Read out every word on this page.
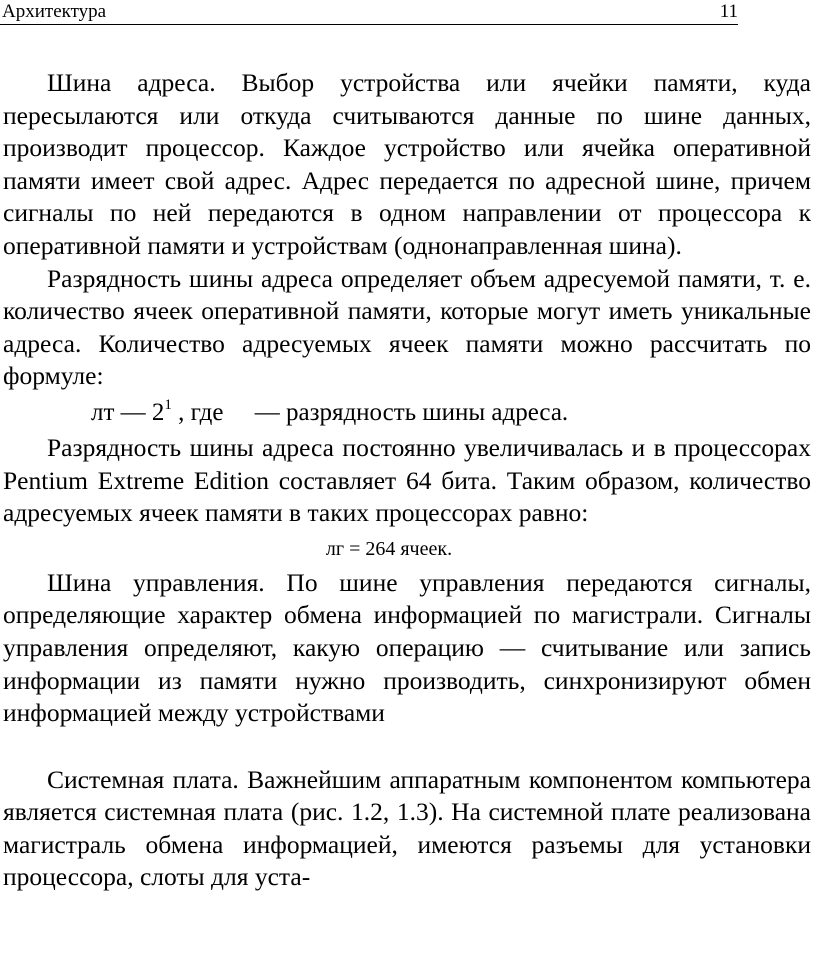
Архитектура	11

Шина адреса. Выбор устройства или ячейки памяти, куда пересылаются или откуда считываются данные по шине данных, производит процессор. Каждое устройство или ячейка оперативной памяти имеет свой адрес. Адрес передается по адресной шине, причем сигналы по ней передаются в одном направлении от процессора к оперативной памяти и устройствам (однонаправленная шина).

Разрядность шины адреса определяет объем адресуемой памяти, т. е. количество ячеек оперативной памяти, которые могут иметь уникальные адреса. Количество адресуемых ячеек памяти можно рассчитать по формуле:

лт — $2^1$ , где     — разрядность шины адреса.

Разрядность шины адреса постоянно увеличивалась и в процессорах Pentium Extreme Edition составляет 64 бита. Таким образом, количество адресуемых ячеек памяти в таких процессорах равно:

лг = 264 ячеек.

Шина управления. По шине управления передаются сигналы, определяющие характер обмена информацией по магистрали. Сигналы управления определяют, какую операцию — считывание или запись информации из памяти нужно производить, синхронизируют обмен информацией между устройствами

Системная плата. Важнейшим аппаратным компонентом компьютера является системная плата (рис. 1.2, 1.3). На системной плате реализована магистраль обмена информацией, имеются разъемы для установки процессора, слоты для уста-
